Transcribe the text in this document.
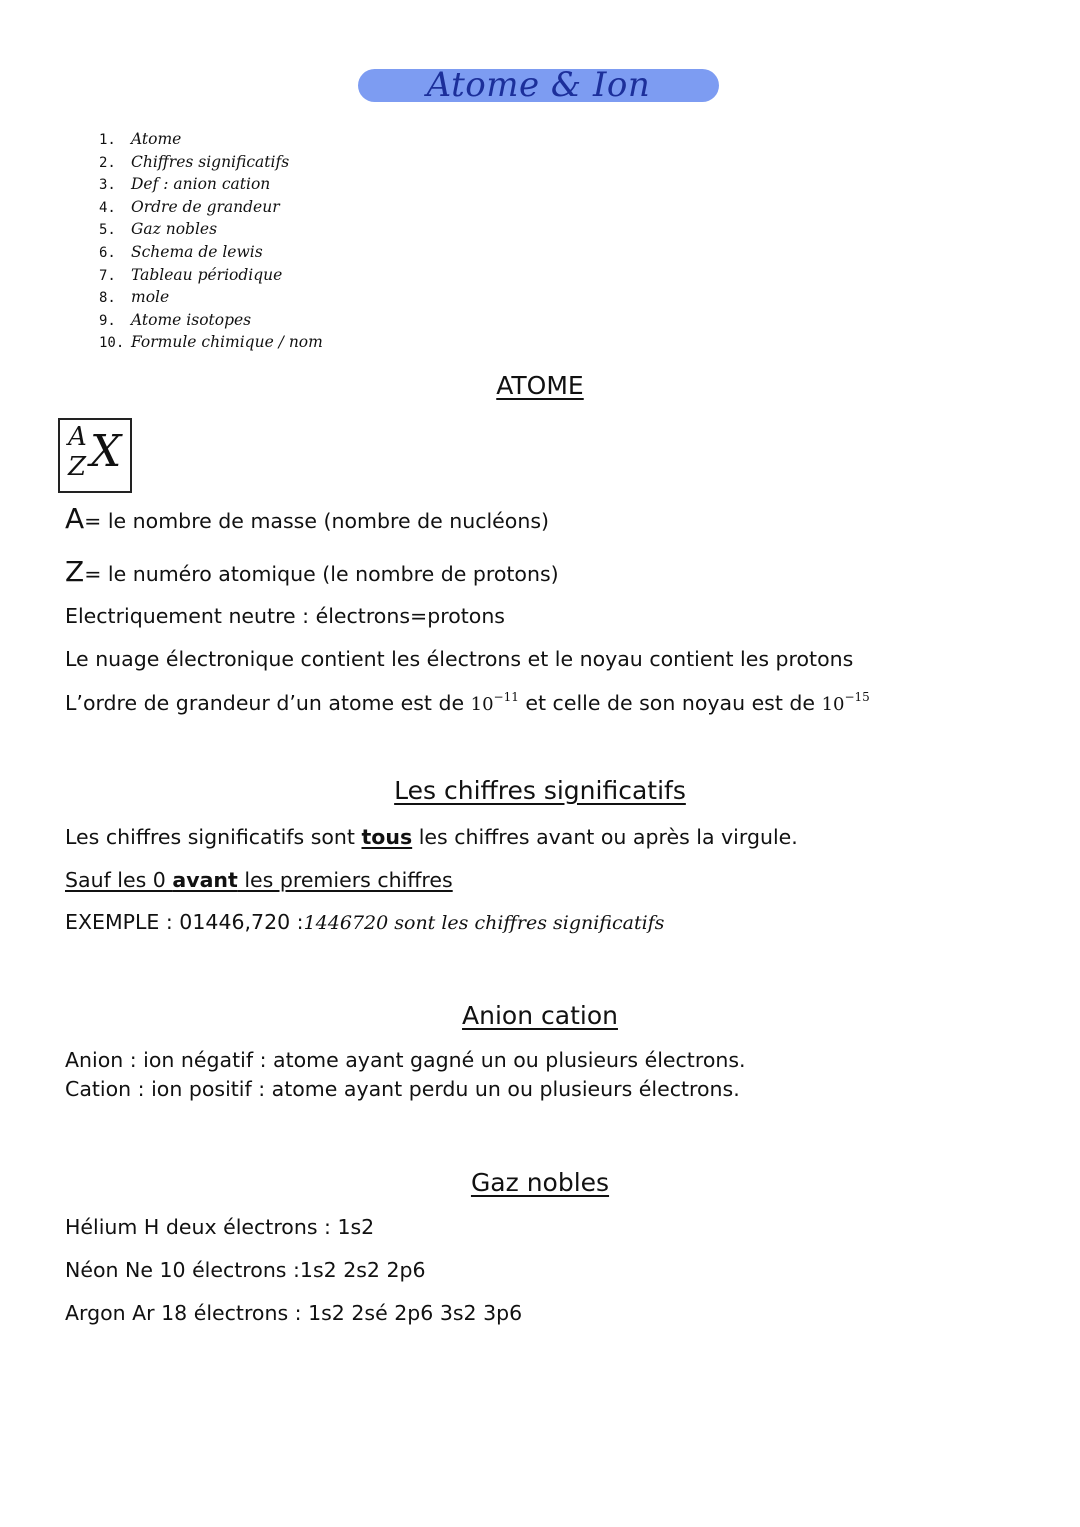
Atome & Ion
1. Atome
2. Chiffres significatifs
3. Def : anion cation
4. Ordre de grandeur
5. Gaz nobles
6. Schema de lewis
7. Tableau périodique
8. mole
9. Atome isotopes
10. Formule chimique / nom
ATOME
A
Z X
A= le nombre de masse (nombre de nucléons)
Z= le numéro atomique (le nombre de protons)
Electriquement neutre : électrons=protons
Le nuage électronique contient les électrons et le noyau contient les protons
L’ordre de grandeur d’un atome est de $10^{-11}$ et celle de son noyau est de $10^{-15}$
Les chiffres significatifs
Les chiffres significatifs sont tous les chiffres avant ou après la virgule.
Sauf les 0 avant les premiers chiffres
EXEMPLE : 01446,720 :1446720 sont les chiffres significatifs
Anion cation
Anion : ion négatif : atome ayant gagné un ou plusieurs électrons.
Cation : ion positif : atome ayant perdu un ou plusieurs électrons.
Gaz nobles
Hélium H deux électrons : 1s2
Néon Ne 10 électrons :1s2 2s2 2p6
Argon Ar 18 électrons : 1s2 2sé 2p6 3s2 3p6
